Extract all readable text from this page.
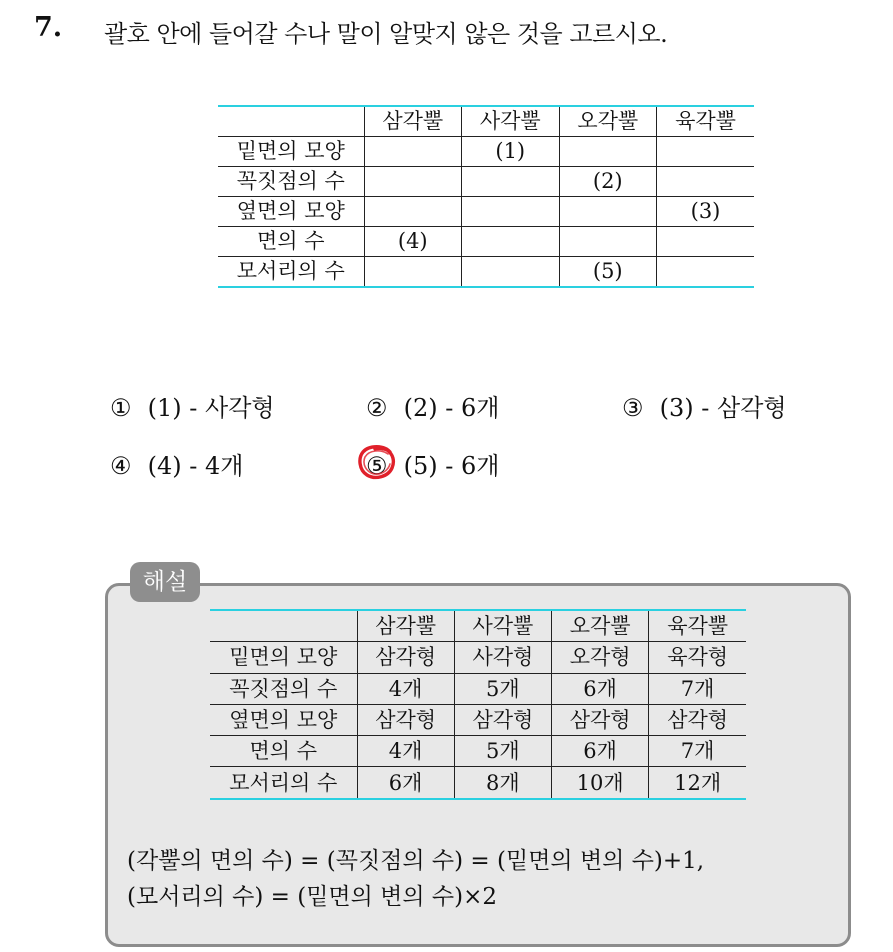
7. 괄호 안에 들어갈 수나 말이 알맞지 않은 것을 고르시오.
	삼각뿔	사각뿔	오각뿔	육각뿔
밑면의 모양		(1)		
꼭짓점의 수			(2)	
옆면의 모양				(3)
면의 수	(4)			
모서리의 수			(5)	
① (1) - 사각형	② (2) - 6개	③ (3) - 삼각형
④ (4) - 4개	⑤ (5) - 6개
해설
	삼각뿔	사각뿔	오각뿔	육각뿔
밑면의 모양	삼각형	사각형	오각형	육각형
꼭짓점의 수	4개	5개	6개	7개
옆면의 모양	삼각형	삼각형	삼각형	삼각형
면의 수	4개	5개	6개	7개
모서리의 수	6개	8개	10개	12개
(각뿔의 면의 수) = (꼭짓점의 수) = (밑면의 변의 수)+1,
(모서리의 수) = (밑면의 변의 수)×2
